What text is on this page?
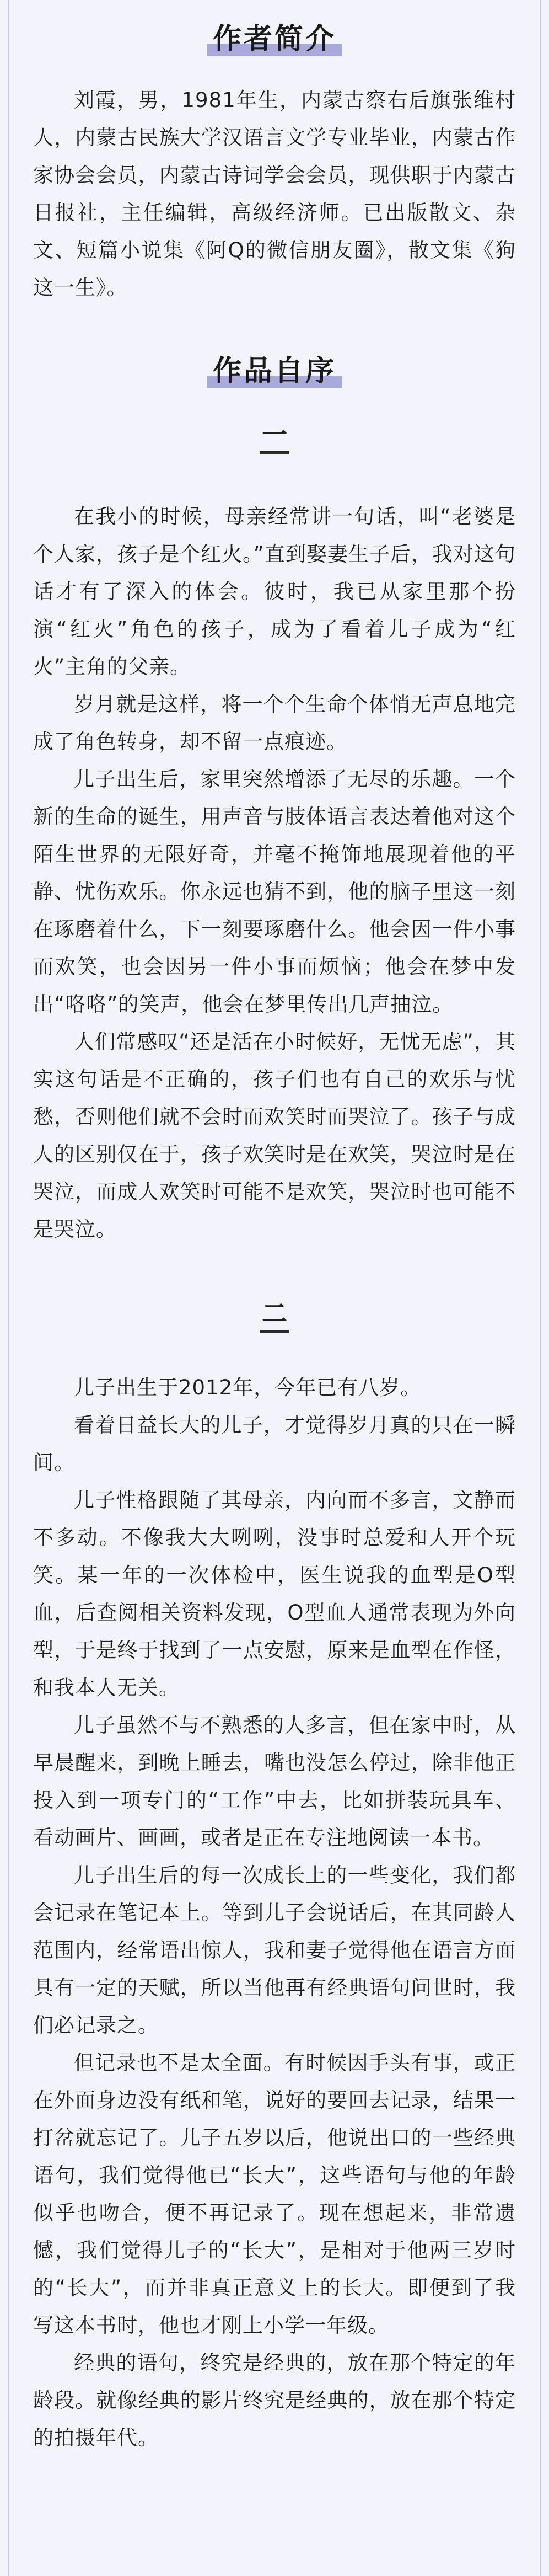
作者简介

刘霞，男，1981年生，内蒙古察右后旗张维村人，内蒙古民族大学汉语言文学专业毕业，内蒙古作家协会会员，内蒙古诗词学会会员，现供职于内蒙古日报社，主任编辑，高级经济师。已出版散文、杂文、短篇小说集《阿Q的微信朋友圈》，散文集《狗这一生》。

作品自序
一

在我小的时候，母亲经常讲一句话，叫“老婆是个人家，孩子是个红火。”直到娶妻生子后，我对这句话才有了深入的体会。彼时，我已从家里那个扮演“红火”角色的孩子，成为了看着儿子成为“红火”主角的父亲。

岁月就是这样，将一个个生命个体悄无声息地完成了角色转身，却不留一点痕迹。

儿子出生后，家里突然增添了无尽的乐趣。一个新的生命的诞生，用声音与肢体语言表达着他对这个陌生世界的无限好奇，并毫不掩饰地展现着他的平静、忧伤欢乐。你永远也猜不到，他的脑子里这一刻在琢磨着什么，下一刻要琢磨什么。他会因一件小事而欢笑，也会因另一件小事而烦恼；他会在梦中发出“咯咯”的笑声，他会在梦里传出几声抽泣。

人们常感叹“还是活在小时候好，无忧无虑”，其实这句话是不正确的，孩子们也有自己的欢乐与忧愁，否则他们就不会时而欢笑时而哭泣了。孩子与成人的区别仅在于，孩子欢笑时是在欢笑，哭泣时是在哭泣，而成人欢笑时可能不是欢笑，哭泣时也可能不是哭泣。

二

儿子出生于2012年，今年已有八岁。

看着日益长大的儿子，才觉得岁月真的只在一瞬间。

儿子性格跟随了其母亲，内向而不多言，文静而不多动。不像我大大咧咧，没事时总爱和人开个玩笑。某一年的一次体检中，医生说我的血型是O型血，后查阅相关资料发现，O型血人通常表现为外向型，于是终于找到了一点安慰，原来是血型在作怪，和我本人无关。

儿子虽然不与不熟悉的人多言，但在家中时，从早晨醒来，到晚上睡去，嘴也没怎么停过，除非他正投入到一项专门的“工作”中去，比如拼装玩具车、看动画片、画画，或者是正在专注地阅读一本书。

儿子出生后的每一次成长上的一些变化，我们都会记录在笔记本上。等到儿子会说话后，在其同龄人范围内，经常语出惊人，我和妻子觉得他在语言方面具有一定的天赋，所以当他再有经典语句问世时，我们必记录之。

但记录也不是太全面。有时候因手头有事，或正在外面身边没有纸和笔，说好的要回去记录，结果一打岔就忘记了。儿子五岁以后，他说出口的一些经典语句，我们觉得他已“长大”，这些语句与他的年龄似乎也吻合，便不再记录了。现在想起来，非常遗憾，我们觉得儿子的“长大”，是相对于他两三岁时的“长大”，而并非真正意义上的长大。即便到了我写这本书时，他也才刚上小学一年级。

经典的语句，终究是经典的，放在那个特定的年龄段。就像经典的影片终究是经典的，放在那个特定的拍摄年代。
